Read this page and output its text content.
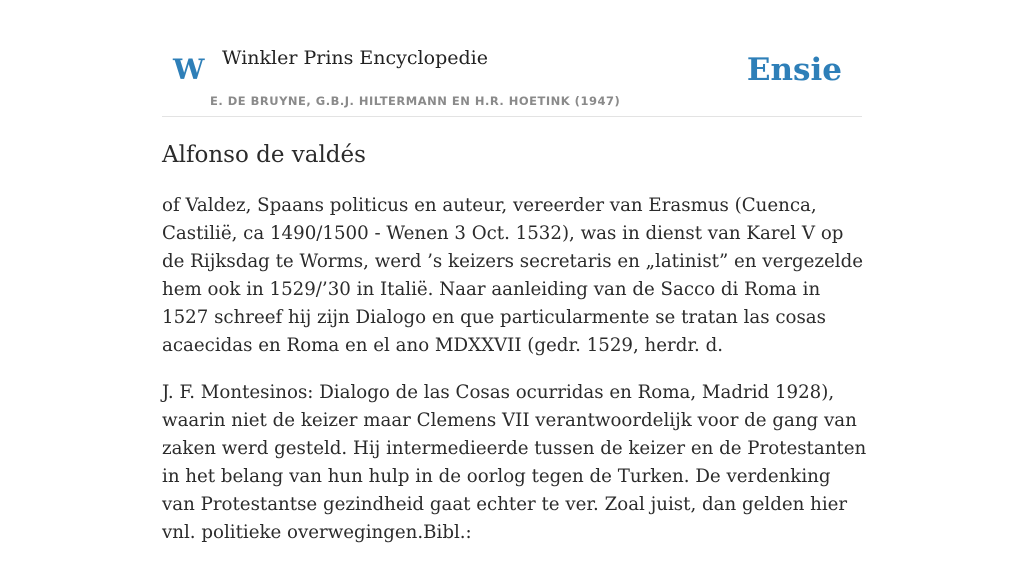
W Winkler Prins Encyclopedie
E. DE BRUYNE, G.B.J. HILTERMANN EN H.R. HOETINK (1947)
Ensie
Alfonso de valdés

of Valdez, Spaans politicus en auteur, vereerder van Erasmus (Cuenca, Castilië, ca 1490/1500 - Wenen 3 Oct. 1532), was in dienst van Karel V op de Rijksdag te Worms, werd ’s keizers secretaris en „latinist” en vergezelde hem ook in 1529/’30 in Italië. Naar aanleiding van de Sacco di Roma in 1527 schreef hij zijn Dialogo en que particularmente se tratan las cosas acaecidas en Roma en el ano MDXXVII (gedr. 1529, herdr. d.

J. F. Montesinos: Dialogo de las Cosas ocurridas en Roma, Madrid 1928), waarin niet de keizer maar Clemens VII verantwoordelijk voor de gang van zaken werd gesteld. Hij intermedieerde tussen de keizer en de Protestanten in het belang van hun hulp in de oorlog tegen de Turken. De verdenking van Protestantse gezindheid gaat echter te ver. Zoal juist, dan gelden hier vnl. politieke overwegingen.Bibl.:
